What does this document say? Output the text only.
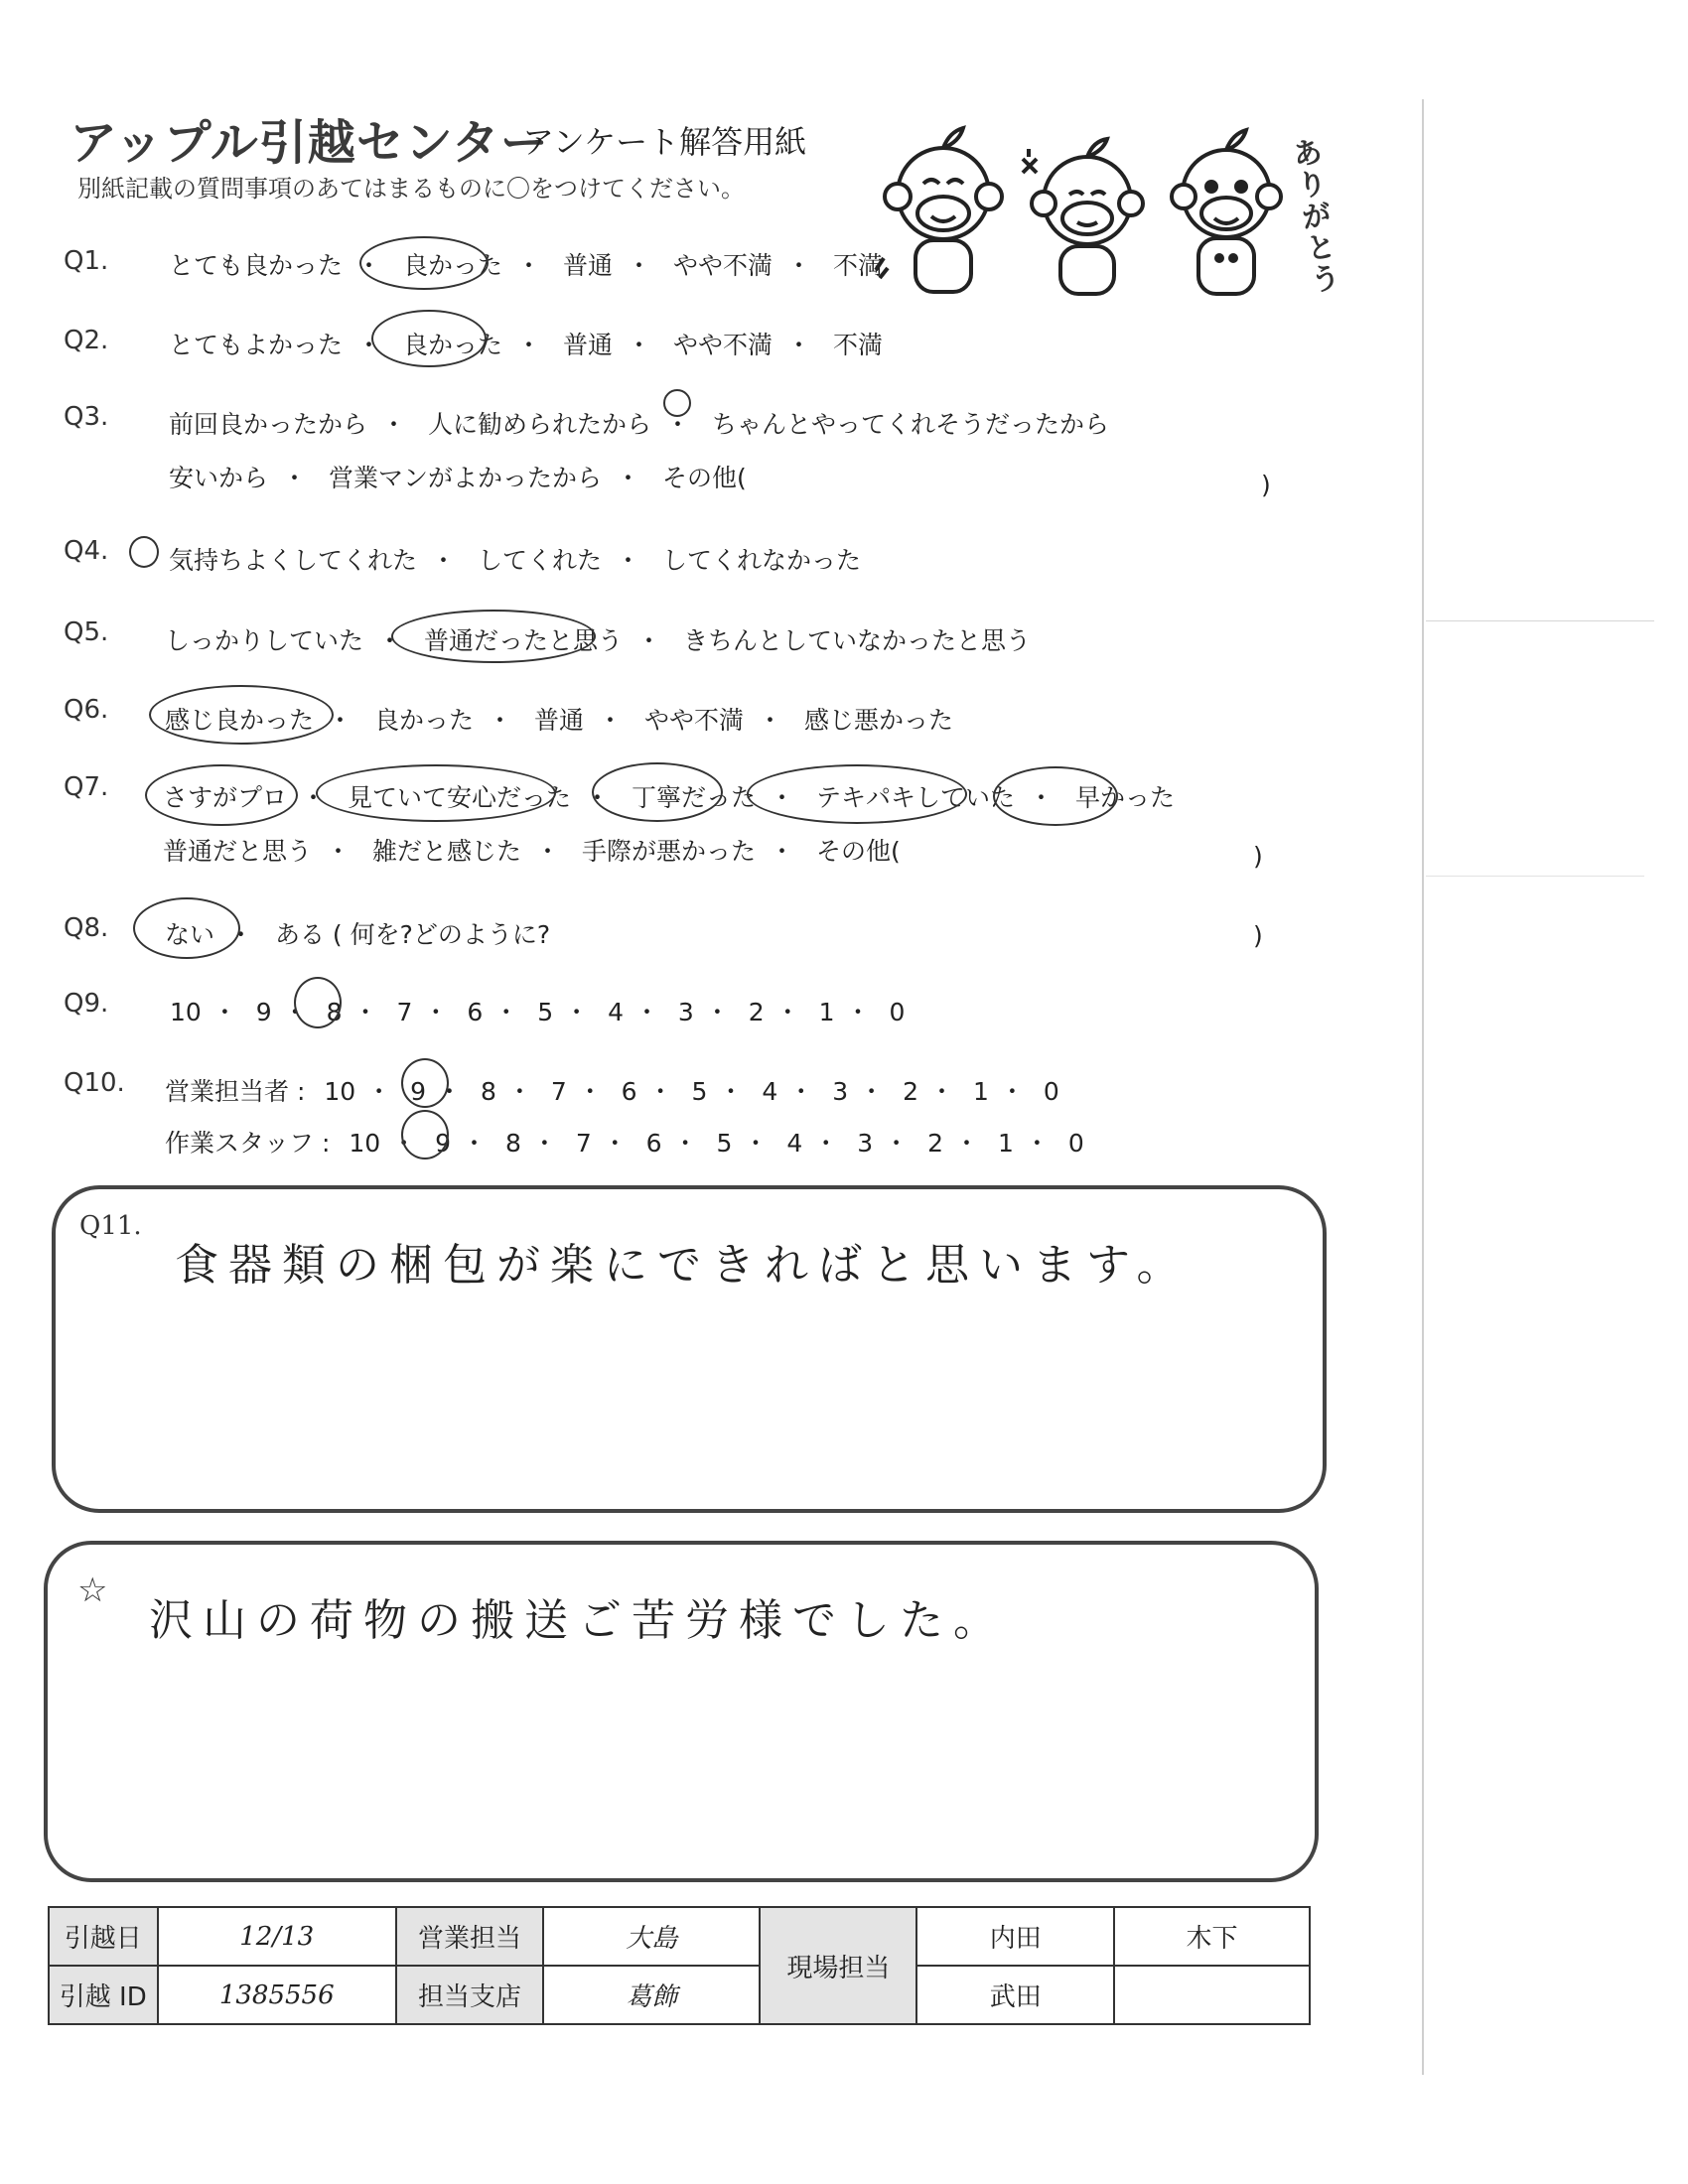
アップル引越センター
アンケート解答用紙
別紙記載の質問事項のあてはまるものに〇をつけてください。	ありがとう
Q1. とても良かった ・ 良かった ・ 普通 ・ やや不満 ・ 不満
Q2. とてもよかった ・ 良かった ・ 普通 ・ やや不満 ・ 不満
Q3. 前回良かったから ・ 人に勧められたから ・ ちゃんとやってくれそうだったから
安いから ・ 営業マンがよかったから ・ その他(	)
Q4. 気持ちよくしてくれた ・ してくれた ・ してくれなかった
Q5. しっかりしていた ・ 普通だったと思う ・ きちんとしていなかったと思う
Q6. 感じ良かった ・ 良かった ・ 普通 ・ やや不満 ・ 感じ悪かった
Q7. さすがプロ ・ 見ていて安心だった ・ 丁寧だった ・ テキパキしていた ・ 早かった
普通だと思う ・ 雑だと感じた ・ 手際が悪かった ・ その他(	)
Q8. ない ・ ある ( 何を?どのように?	)
Q9.	10 ・ 9 ・ 8 ・ 7 ・ 6 ・ 5 ・ 4 ・ 3 ・ 2 ・ 1 ・ 0
Q10. 営業担当者 : 10 ・ 9 ・ 8 ・ 7 ・ 6 ・ 5 ・ 4 ・ 3 ・ 2 ・ 1 ・ 0
作業スタッフ : 10 ・ 9 ・ 8 ・ 7 ・ 6 ・ 5 ・ 4 ・ 3 ・ 2 ・ 1 ・ 0
Q11.
食器類の梱包が楽にできればと思います。
☆
沢山の荷物の搬送ご苦労様でした。
引越日	12/13	営業担当	大島	現場担当	内田	木下
引越 ID	1385556	担当支店	葛飾		武田	
